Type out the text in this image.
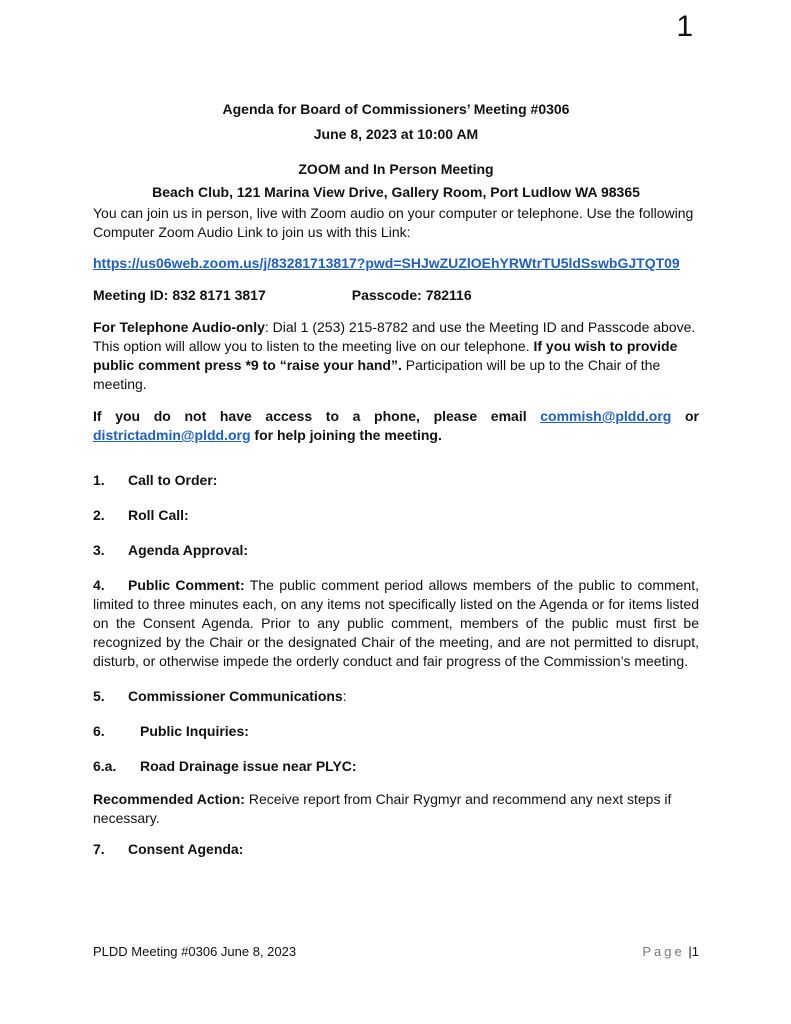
1

Agenda for Board of Commissioners’ Meeting #0306

June 8, 2023 at 10:00 AM

ZOOM and In Person Meeting

Beach Club, 121 Marina View Drive, Gallery Room, Port Ludlow WA 98365

You can join us in person, live with Zoom audio on your computer or telephone. Use the following Computer Zoom Audio Link to join us with this Link:

https://us06web.zoom.us/j/83281713817?pwd=SHJwZUZlOEhYRWtrTU5ldSswbGJTQT09

Meeting ID: 832 8171 3817	Passcode: 782116

For Telephone Audio-only: Dial 1 (253) 215-8782 and use the Meeting ID and Passcode above. This option will allow you to listen to the meeting live on our telephone. If you wish to provide public comment press *9 to “raise your hand”. Participation will be up to the Chair of the meeting.

If you do not have access to a phone, please email commish@pldd.org or districtadmin@pldd.org for help joining the meeting.

1. Call to Order:

2. Roll Call:

3. Agenda Approval:

4. Public Comment: The public comment period allows members of the public to comment, limited to three minutes each, on any items not specifically listed on the Agenda or for items listed on the Consent Agenda. Prior to any public comment, members of the public must first be recognized by the Chair or the designated Chair of the meeting, and are not permitted to disrupt, disturb, or otherwise impede the orderly conduct and fair progress of the Commission’s meeting.

5. Commissioner Communications:

6.	Public Inquiries:

6.a. Road Drainage issue near PLYC:

Recommended Action: Receive report from Chair Rygmyr and recommend any next steps if necessary.

7. Consent Agenda:

PLDD Meeting #0306 June 8, 2023	Page |1
